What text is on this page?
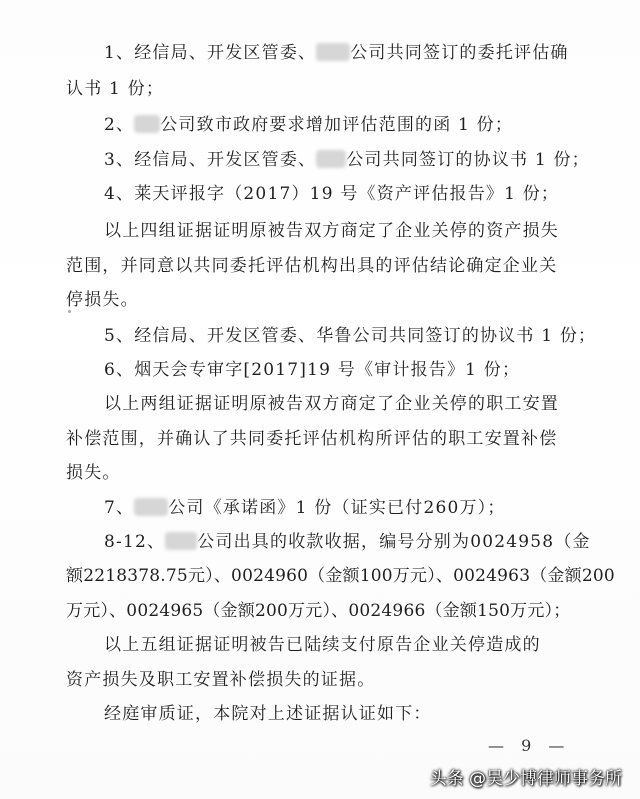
1、经信局、开发区管委、 公司共同签订的委托评估确
认书 1 份；
2、 公司致市政府要求增加评估范围的函 1 份；
3、经信局、开发区管委、 公司共同签订的协议书 1 份；
4、莱天评报字（2017）19 号《资产评估报告》1 份；
以上四组证据证明原被告双方商定了企业关停的资产损失
范围，并同意以共同委托评估机构出具的评估结论确定企业关
停损失。
5、经信局、开发区管委、华鲁公司共同签订的协议书 1 份；
6、烟天会专审字[2017]19 号《审计报告》1 份；
以上两组证据证明原被告双方商定了企业关停的职工安置
补偿范围，并确认了共同委托评估机构所评估的职工安置补偿
损失。
7、 公司《承诺函》1 份（证实已付260万）；
8-12、 公司出具的收款收据，编号分别为0024958（金
额2218378.75元）、0024960（金额100万元）、0024963（金额200
万元）、0024965（金额200万元）、0024966（金额150万元）；
以上五组证据证明被告已陆续支付原告企业关停造成的
资产损失及职工安置补偿损失的证据。
经庭审质证，本院对上述证据认证如下：
— 9 —
头条 @吴少博律师事务所
